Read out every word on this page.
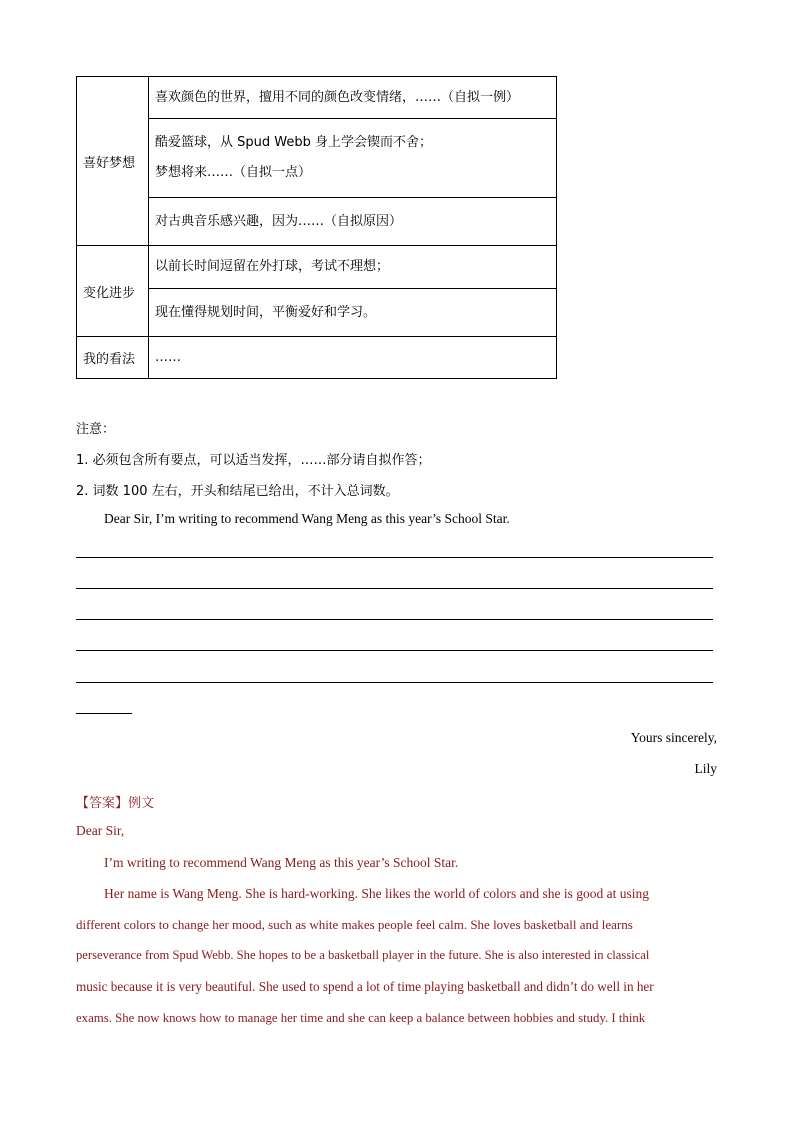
喜好梦想	喜欢颜色的世界，擅用不同的颜色改变情绪，……（自拟一例）

	酷爱篮球，从 Spud Webb 身上学会锲而不舍；
梦想将来……（自拟一点）

	对古典音乐感兴趣，因为……（自拟原因）

变化进步	以前长时间逗留在外打球，考试不理想；

	现在懂得规划时间，平衡爱好和学习。

我的看法	……
注意：
1. 必须包含所有要点，可以适当发挥，……部分请自拟作答；
2. 词数 100 左右，开头和结尾已给出，不计入总词数。
Dear Sir, I’m writing to recommend Wang Meng as this year’s School Star.
Yours sincerely,
Lily
【答案】例文
Dear Sir,
I’m writing to recommend Wang Meng as this year’s School Star.
Her name is Wang Meng. She is hard-working. She likes the world of colors and she is good at using
different colors to change her mood, such as white makes people feel calm. She loves basketball and learns
perseverance from Spud Webb. She hopes to be a basketball player in the future. She is also interested in classical
music because it is very beautiful. She used to spend a lot of time playing basketball and didn’t do well in her
exams. She now knows how to manage her time and she can keep a balance between hobbies and study. I think
